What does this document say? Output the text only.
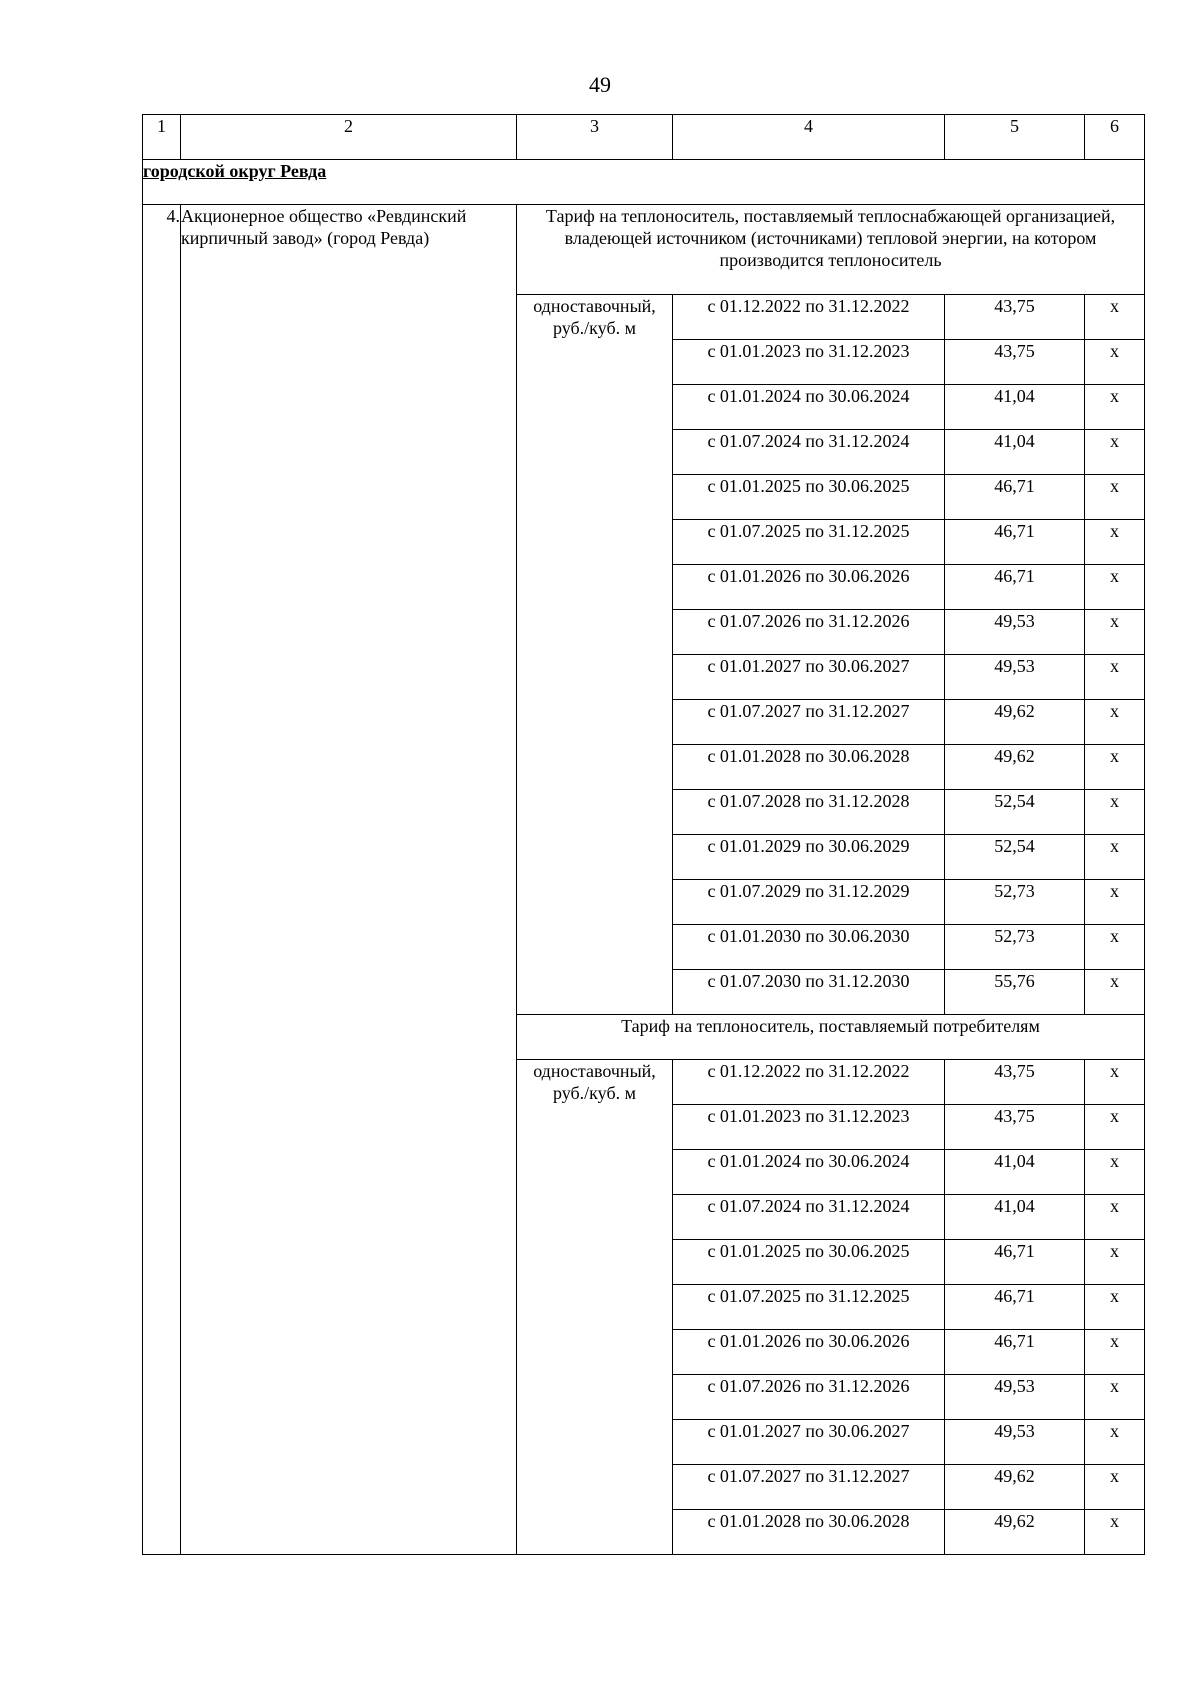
49
1	2	3	4	5	6
городской округ Ревда					
4.	Акционерное общество «Ревдинский кирпичный завод» (город Ревда)	Тариф на теплоноситель, поставляемый теплоснабжающей организацией, владеющей источником (источниками) тепловой энергии, на котором производится теплоноситель			
		одноставочный, руб./куб. м	с 01.12.2022 по 31.12.2022	43,75	х
			с 01.01.2023 по 31.12.2023	43,75	х
			с 01.01.2024 по 30.06.2024	41,04	х
			с 01.07.2024 по 31.12.2024	41,04	х
			с 01.01.2025 по 30.06.2025	46,71	х
			с 01.07.2025 по 31.12.2025	46,71	х
			с 01.01.2026 по 30.06.2026	46,71	х
			с 01.07.2026 по 31.12.2026	49,53	х
			с 01.01.2027 по 30.06.2027	49,53	х
			с 01.07.2027 по 31.12.2027	49,62	х
			с 01.01.2028 по 30.06.2028	49,62	х
			с 01.07.2028 по 31.12.2028	52,54	х
			с 01.01.2029 по 30.06.2029	52,54	х
			с 01.07.2029 по 31.12.2029	52,73	х
			с 01.01.2030 по 30.06.2030	52,73	х
			с 01.07.2030 по 31.12.2030	55,76	х
		Тариф на теплоноситель, поставляемый потребителям			
		одноставочный, руб./куб. м	с 01.12.2022 по 31.12.2022	43,75	х
			с 01.01.2023 по 31.12.2023	43,75	х
			с 01.01.2024 по 30.06.2024	41,04	х
			с 01.07.2024 по 31.12.2024	41,04	х
			с 01.01.2025 по 30.06.2025	46,71	х
			с 01.07.2025 по 31.12.2025	46,71	х
			с 01.01.2026 по 30.06.2026	46,71	х
			с 01.07.2026 по 31.12.2026	49,53	х
			с 01.01.2027 по 30.06.2027	49,53	х
			с 01.07.2027 по 31.12.2027	49,62	х
			с 01.01.2028 по 30.06.2028	49,62	х
